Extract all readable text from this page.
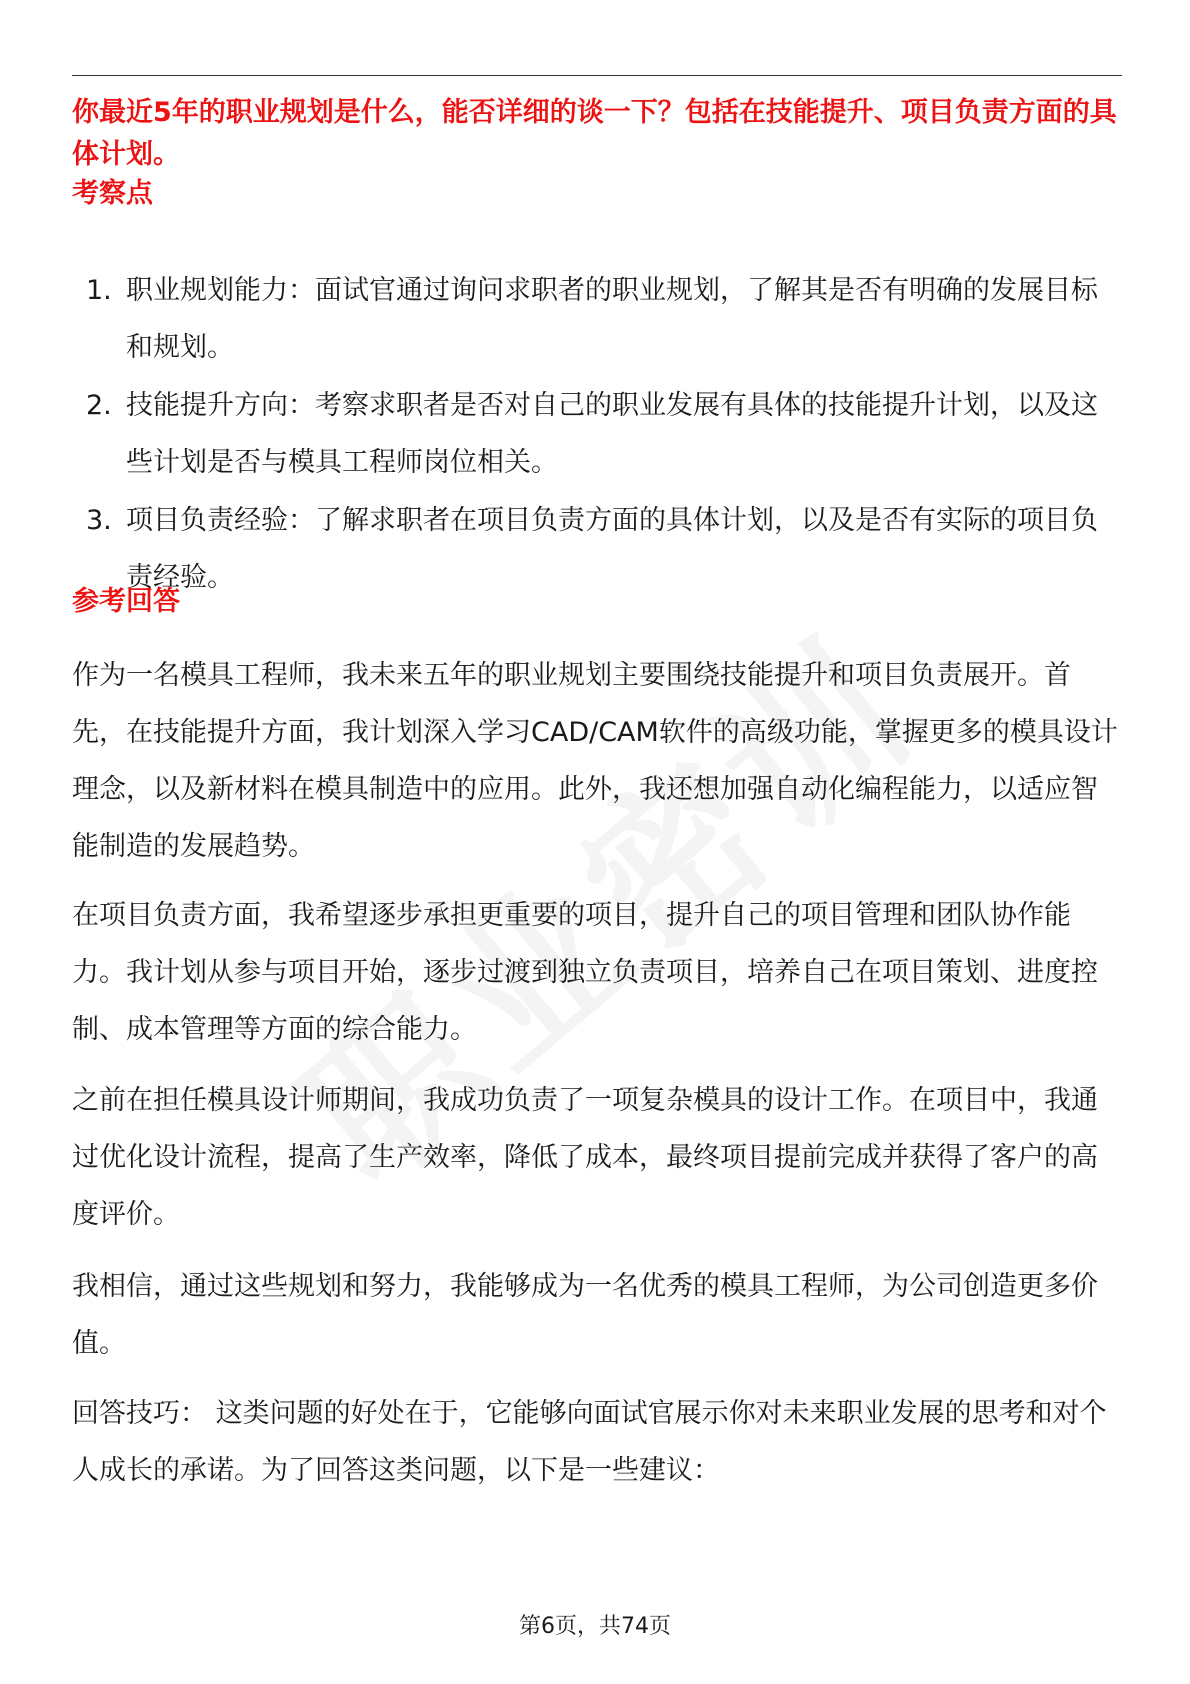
你最近5年的职业规划是什么，能否详细的谈一下？包括在技能提升、项目负责方面的具体计划。

考察点

1. 职业规划能力：面试官通过询问求职者的职业规划，了解其是否有明确的发展目标和规划。
2. 技能提升方向：考察求职者是否对自己的职业发展有具体的技能提升计划，以及这些计划是否与模具工程师岗位相关。
3. 项目负责经验：了解求职者在项目负责方面的具体计划，以及是否有实际的项目负责经验。

参考回答

作为一名模具工程师，我未来五年的职业规划主要围绕技能提升和项目负责展开。首先，在技能提升方面，我计划深入学习CAD/CAM软件的高级功能，掌握更多的模具设计理念，以及新材料在模具制造中的应用。此外，我还想加强自动化编程能力，以适应智能制造的发展趋势。

在项目负责方面，我希望逐步承担更重要的项目，提升自己的项目管理和团队协作能力。我计划从参与项目开始，逐步过渡到独立负责项目，培养自己在项目策划、进度控制、成本管理等方面的综合能力。

之前在担任模具设计师期间，我成功负责了一项复杂模具的设计工作。在项目中，我通过优化设计流程，提高了生产效率，降低了成本，最终项目提前完成并获得了客户的高度评价。

我相信，通过这些规划和努力，我能够成为一名优秀的模具工程师，为公司创造更多价值。

回答技巧： 这类问题的好处在于，它能够向面试官展示你对未来职业发展的思考和对个人成长的承诺。为了回答这类问题，以下是一些建议：

第6页，共74页
